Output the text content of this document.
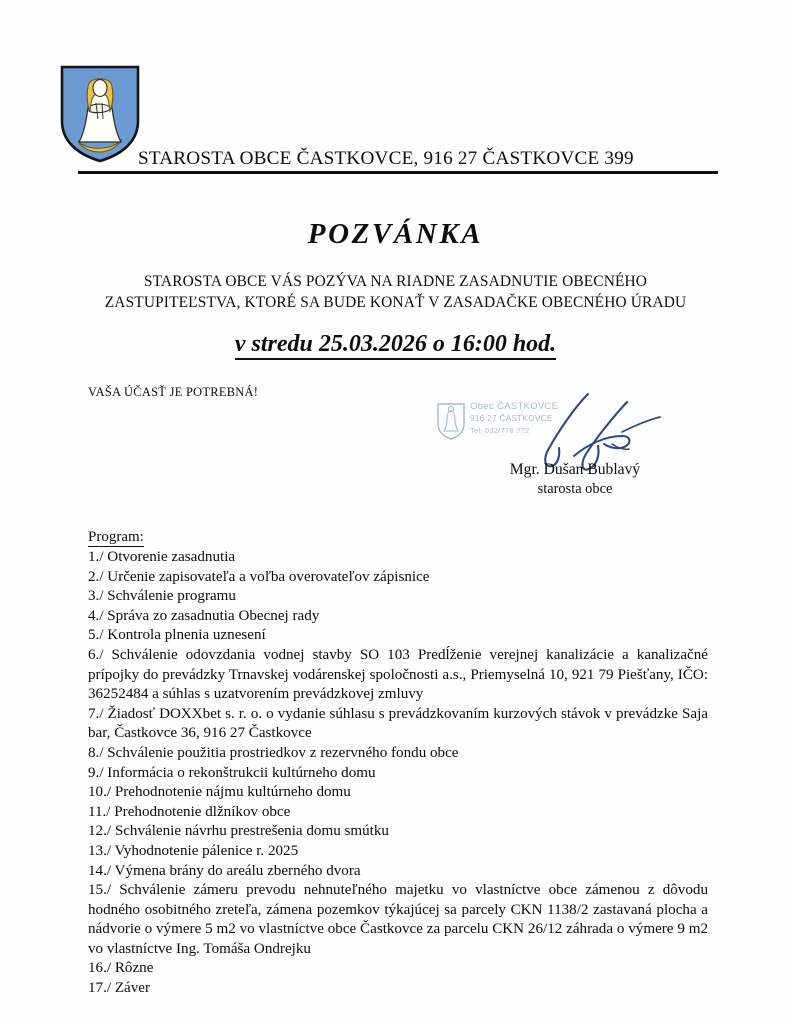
STAROSTA OBCE ČASTKOVCE, 916 27 ČASTKOVCE 399
POZVÁNKA
STAROSTA OBCE VÁS POZÝVA NA RIADNE ZASADNUTIE OBECNÉHO
ZASTUPITEĽSTVA, KTORÉ SA BUDE KONAŤ V ZASADAČKE OBECNÉHO ÚRADU
v stredu 25.03.2026 o 16:00 hod.
VAŠA ÚČASŤ JE POTREBNÁ!
Obec ČASTKOVCE
916 27 ČASTKOVCE
Tel: 032/778 ??2
Mgr. Dušan Bublavý
starosta obce
Program:

1./ Otvorenie zasadnutia

2./ Určenie zapisovateľa a voľba overovateľov zápisnice

3./ Schválenie programu

4./ Správa zo zasadnutia Obecnej rady

5./ Kontrola plnenia uznesení

6./ Schválenie odovzdania vodnej stavby SO 103 Predĺženie verejnej kanalizácie a kanalizačné prípojky do prevádzky Trnavskej vodárenskej spoločnosti a.s., Priemyselná 10, 921 79 Piešťany, IČO: 36252484 a súhlas s uzatvorením prevádzkovej zmluvy

7./ Žiadosť DOXXbet s. r. o. o vydanie súhlasu s prevádzkovaním kurzových stávok v prevádzke Saja bar, Častkovce 36, 916 27 Častkovce

8./ Schválenie použitia prostriedkov z rezervného fondu obce

9./ Informácia o rekonštrukcii kultúrneho domu

10./ Prehodnotenie nájmu kultúrneho domu

11./ Prehodnotenie dlžníkov obce

12./ Schválenie návrhu prestrešenia domu smútku

13./ Vyhodnotenie pálenice r. 2025

14./ Výmena brány do areálu zberného dvora

15./ Schválenie zámeru prevodu nehnuteľného majetku vo vlastníctve obce zámenou z dôvodu hodného osobitného zreteľa, zámena pozemkov týkajúcej sa parcely CKN 1138/2 zastavaná plocha a nádvorie o výmere 5 m2 vo vlastníctve obce Častkovce za parcelu CKN 26/12 záhrada o výmere 9 m2 vo vlastníctve Ing. Tomáša Ondrejku

16./ Rôzne

17./ Záver
